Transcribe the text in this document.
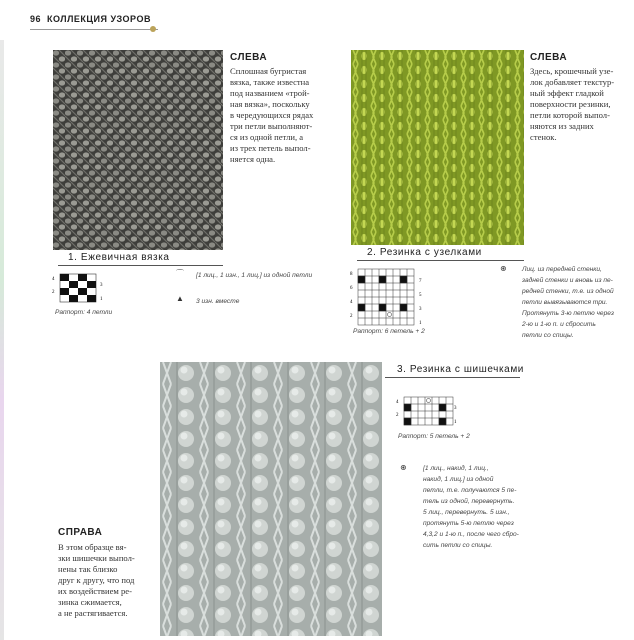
96 КОЛЛЕКЦИЯ УЗОРОВ
1. Ежевичная вязка
СЛЕВА
Сплошная бугристая
вязка, также известна
под названием «трой-
ная вязка», поскольку
в чередующихся рядах
три петли выполняют-
ся из одной петли, а
из трех петель выпол-
няется одна.
4
3
2
1
⌒ [1 лиц., 1 изн., 1 лиц.] из одной петли
▲ 3 изн. вместе
Раппорт: 4 петли
2. Резинка с узелками
СЛЕВА
Здесь, крошечный узе-
лок добавляет текстур-
ный эффект гладкой
поверхности резинки,
петли которой выпол-
няются из задних
стенок.
8
7
6
5
4
3
2
1
⊛ Лиц. из передней стенки,
задней стенки и вновь из пе-
редней стенки, т.е. из одной
петли вывязываются три.
Протянуть 3-ю петлю через
2-ю и 1-ю п. и сбросить
петли со спицы.
Раппорт: 6 петель + 2
3. Резинка с шишечками
4
3
2
1
Раппорт: 5 петель + 2
⊛ [1 лиц., накид, 1 лиц.,
накид, 1 лиц.] из одной
петли, т.е. получаются 5 пе-
тель из одной, перевернуть.
5 лиц., перевернуть. 5 изн.,
протянуть 5-ю петлю через
4,3,2 и 1-ю п., после чего сбро-
сить петли со спицы.
СПРАВА
В этом образце вя-
зки шишечки выпол-
нены так близко
друг к другу, что под
их воздействием ре-
зинка сжимается,
а не растягивается.
